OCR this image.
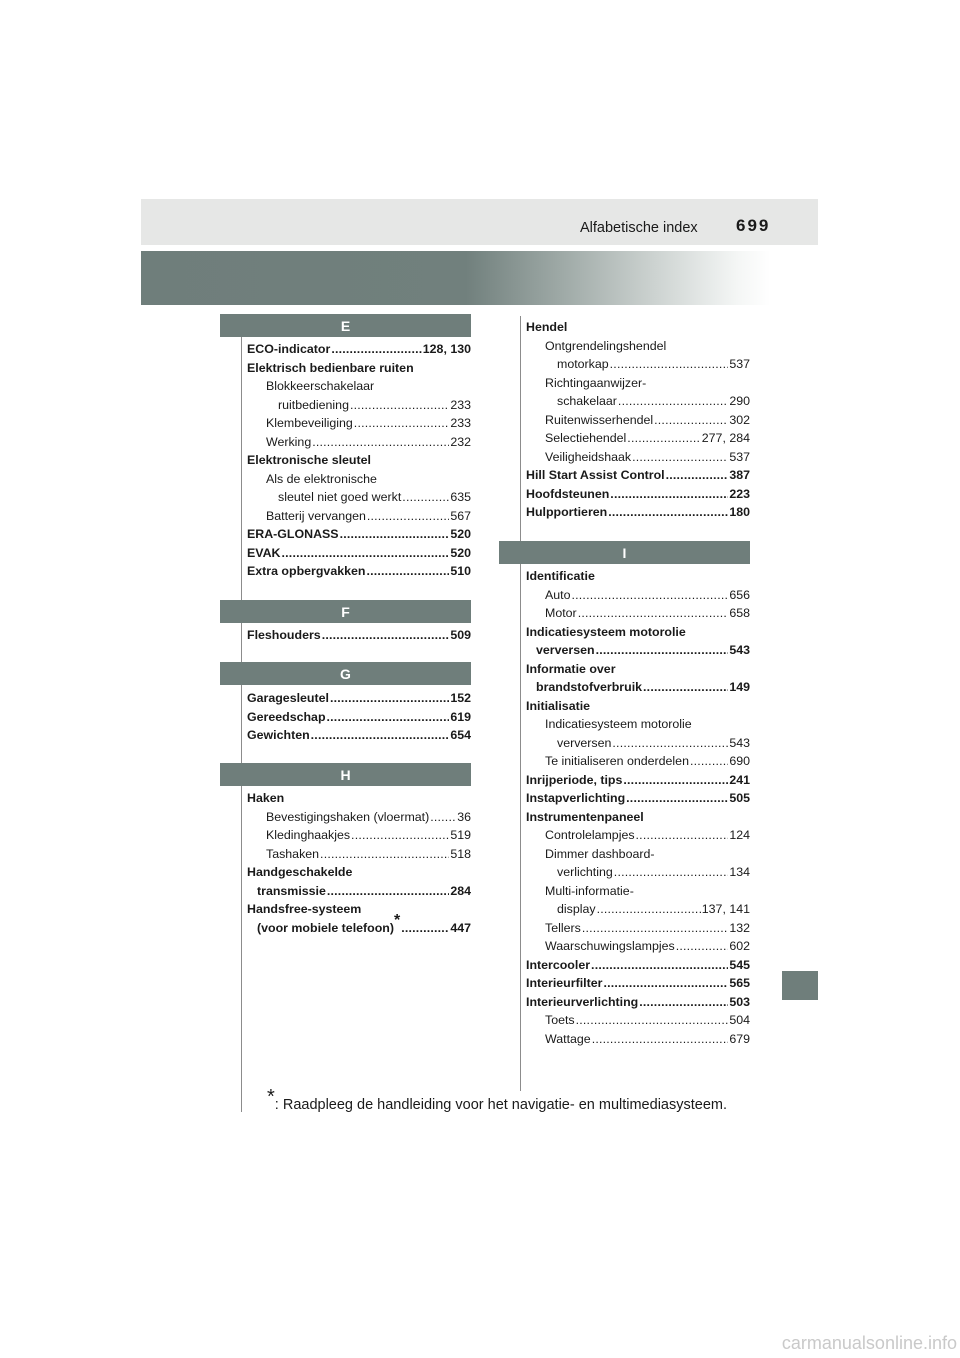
Alfabetische index 699
E
ECO-indicator .....	128, 130
Elektrisch bedienbare ruiten
Blokkeerschakelaar
ruitbediening .....	233
Klembeveiliging .....	233
Werking .....	232
Elektronische sleutel
Als de elektronische
sleutel niet goed werkt .....	635
Batterij vervangen .....	567
ERA-GLONASS .....	520
EVAK .....	520
Extra opbergvakken .....	510
F
Fleshouders .....	509
G
Garagesleutel .....	152
Gereedschap .....	619
Gewichten .....	654
H
Haken
Bevestigingshaken (vloermat) ..... 36
Kledinghaakjes .....	519
Tashaken .....	518
Handgeschakelde
transmissie .....	284
Handsfree-systeem
(voor mobiele telefoon)* .....	447
Hendel
Ontgrendelingshendel
motorkap .....	537
Richtingaanwijzer-
schakelaar .....	290
Ruitenwisserhendel .....	302
Selectiehendel .....	277, 284
Veiligheidshaak .....	537
Hill Start Assist Control .....	387
Hoofdsteunen .....	223
Hulpportieren .....	180
I
Identificatie
Auto .....	656
Motor .....	658
Indicatiesysteem motorolie
verversen .....	543
Informatie over
brandstofverbruik .....	149
Initialisatie
Indicatiesysteem motorolie
verversen .....	543
Te initialiseren onderdelen .....	690
Inrijperiode, tips .....	241
Instapverlichting .....	505
Instrumentenpaneel
Controlelampjes .....	124
Dimmer dashboard-
verlichting .....	134
Multi-informatie-
display .....	137, 141
Tellers .....	132
Waarschuwingslampjes .....	602
Intercooler .....	545
Interieurfilter .....	565
Interieurverlichting .....	503
Toets .....	504
Wattage .....	679
*: Raadpleeg de handleiding voor het navigatie- en multimediasysteem.
carmanualsonline.info
